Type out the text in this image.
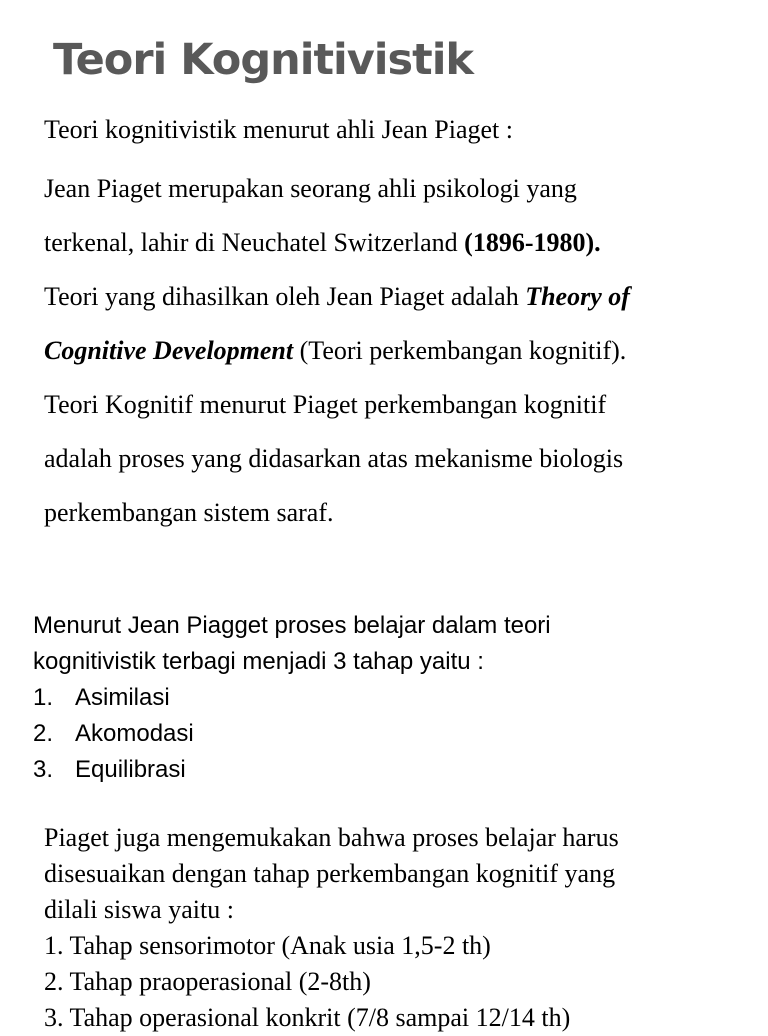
Teori Kognitivistik

Teori kognitivistik menurut ahli Jean Piaget :

Jean Piaget merupakan seorang ahli psikologi yang

terkenal, lahir di Neuchatel Switzerland (1896-1980).

Teori yang dihasilkan oleh Jean Piaget adalah Theory of

Cognitive Development (Teori perkembangan kognitif).

Teori Kognitif menurut Piaget perkembangan kognitif

adalah proses yang didasarkan atas mekanisme biologis

perkembangan sistem saraf.

Menurut Jean Piagget proses belajar dalam teori

kognitivistik terbagi menjadi 3 tahap yaitu :

1. Asimilasi
2. Akomodasi
3. Equilibrasi

Piaget juga mengemukakan bahwa proses belajar harus

disesuaikan dengan tahap perkembangan kognitif yang

dilali siswa yaitu :

1. Tahap sensorimotor (Anak usia 1,5-2 th)
2. Tahap praoperasional (2-8th)
3. Tahap operasional konkrit (7/8 sampai 12/14 th)
